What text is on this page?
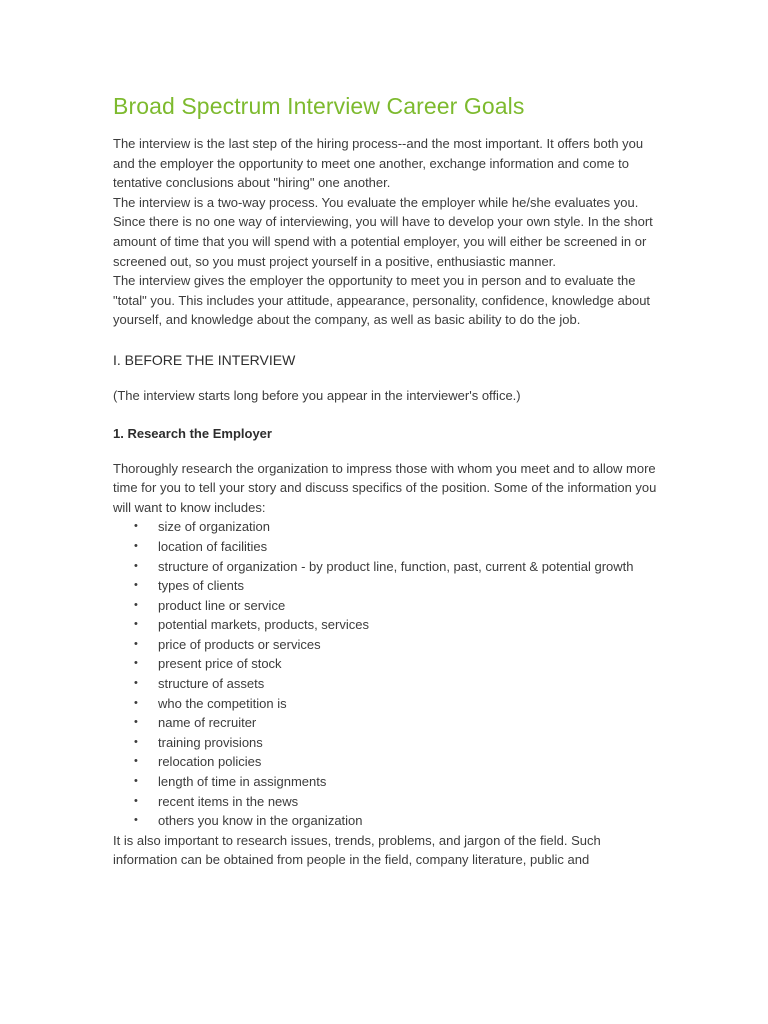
Broad Spectrum Interview Career Goals

The interview is the last step of the hiring process--and the most important. It offers both you and the employer the opportunity to meet one another, exchange information and come to tentative conclusions about "hiring" one another.
The interview is a two-way process. You evaluate the employer while he/she evaluates you. Since there is no one way of interviewing, you will have to develop your own style. In the short amount of time that you will spend with a potential employer, you will either be screened in or screened out, so you must project yourself in a positive, enthusiastic manner.
The interview gives the employer the opportunity to meet you in person and to evaluate the "total" you. This includes your attitude, appearance, personality, confidence, knowledge about yourself, and knowledge about the company, as well as basic ability to do the job.

I. BEFORE THE INTERVIEW

(The interview starts long before you appear in the interviewer's office.)

1. Research the Employer

Thoroughly research the organization to impress those with whom you meet and to allow more time for you to tell your story and discuss specifics of the position. Some of the information you will want to know includes:

• size of organization
• location of facilities
• structure of organization - by product line, function, past, current & potential growth
• types of clients
• product line or service
• potential markets, products, services
• price of products or services
• present price of stock
• structure of assets
• who the competition is
• name of recruiter
• training provisions
• relocation policies
• length of time in assignments
• recent items in the news
• others you know in the organization

It is also important to research issues, trends, problems, and jargon of the field. Such information can be obtained from people in the field, company literature, public and
